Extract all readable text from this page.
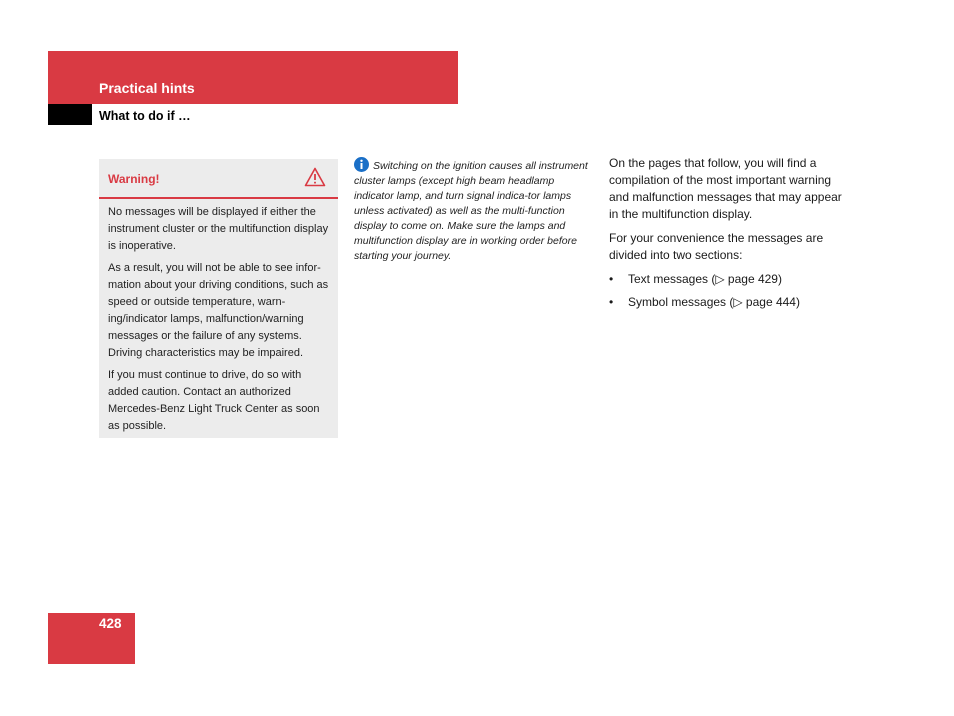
Practical hints
What to do if …
Warning!

No messages will be displayed if either the instrument cluster or the multifunction display is inoperative.

As a result, you will not be able to see infor-mation about your driving conditions, such as speed or outside temperature, warn-ing/indicator lamps, malfunction/warning messages or the failure of any systems. Driving characteristics may be impaired.

If you must continue to drive, do so with added caution. Contact an authorized Mercedes-Benz Light Truck Center as soon as possible.

Switching on the ignition causes all instrument cluster lamps (except high beam headlamp indicator lamp, and turn signal indica-tor lamps unless activated) as well as the multi-function display to come on. Make sure the lamps and multifunction display are in working order before starting your journey.

On the pages that follow, you will find a compilation of the most important warning and malfunction messages that may appear in the multifunction display.

For your convenience the messages are divided into two sections:

• Text messages (▷ page 429)
• Symbol messages (▷ page 444)
428
